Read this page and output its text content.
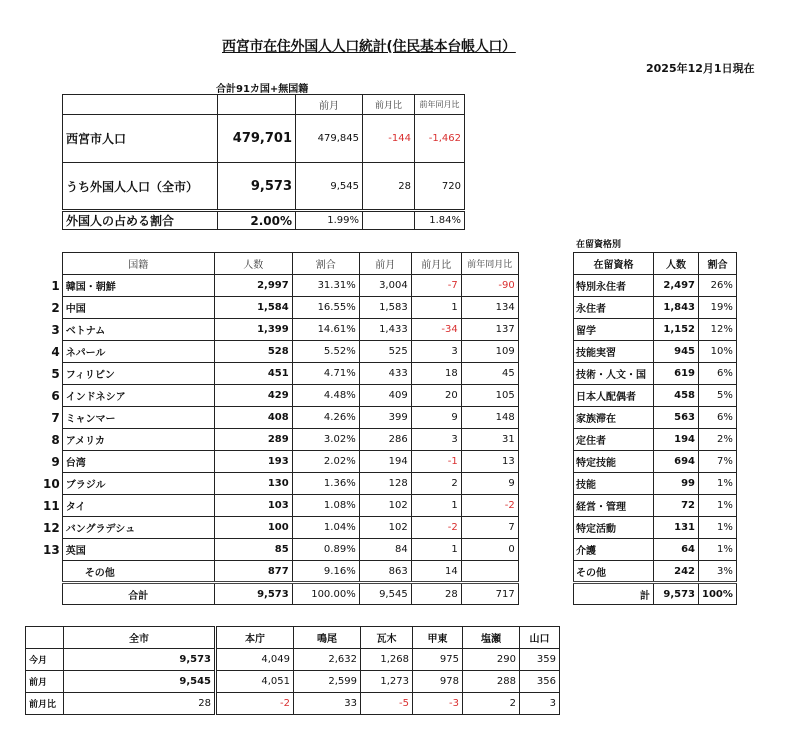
西宮市在住外国人人口統計(住民基本台帳人口）
2025年12月1日現在
合計91カ国+無国籍
		前月	前月比	前年同月比
西宮市人口	479,701	479,845	-144	-1,462
うち外国人人口（全市）	9,573	9,545	28	720
外国人の占める割合	2.00%	1.99%		1.84%
	国籍	人数	割合	前月	前月比	前年同月比
1	韓国・朝鮮	2,997	31.31%	3,004	-7	-90
2	中国	1,584	16.55%	1,583	1	134
3	ベトナム	1,399	14.61%	1,433	-34	137
4	ネパール	528	5.52%	525	3	109
5	フィリピン	451	4.71%	433	18	45
6	インドネシア	429	4.48%	409	20	105
7	ミャンマー	408	4.26%	399	9	148
8	アメリカ	289	3.02%	286	3	31
9	台湾	193	2.02%	194	-1	13
10	ブラジル	130	1.36%	128	2	9
11	タイ	103	1.08%	102	1	-2
12	バングラデシュ	100	1.04%	102	-2	7
13	英国	85	0.89%	84	1	0
	その他	877	9.16%	863	14	
	合計	9,573	100.00%	9,545	28	717
在留資格別
在留資格	人数	割合
特別永住者	2,497	26%
永住者	1,843	19%
留学	1,152	12%
技能実習	945	10%
技術・人文・国	619	6%
日本人配偶者	458	5%
家族滞在	563	6%
定住者	194	2%
特定技能	694	7%
技能	99	1%
経営・管理	72	1%
特定活動	131	1%
介護	64	1%
その他	242	3%
計	9,573	100%
	全市	本庁	鳴尾	瓦木	甲東	塩瀬	山口
今月	9,573	4,049	2,632	1,268	975	290	359
前月	9,545	4,051	2,599	1,273	978	288	356
前月比	28	-2	33	-5	-3	2	3
